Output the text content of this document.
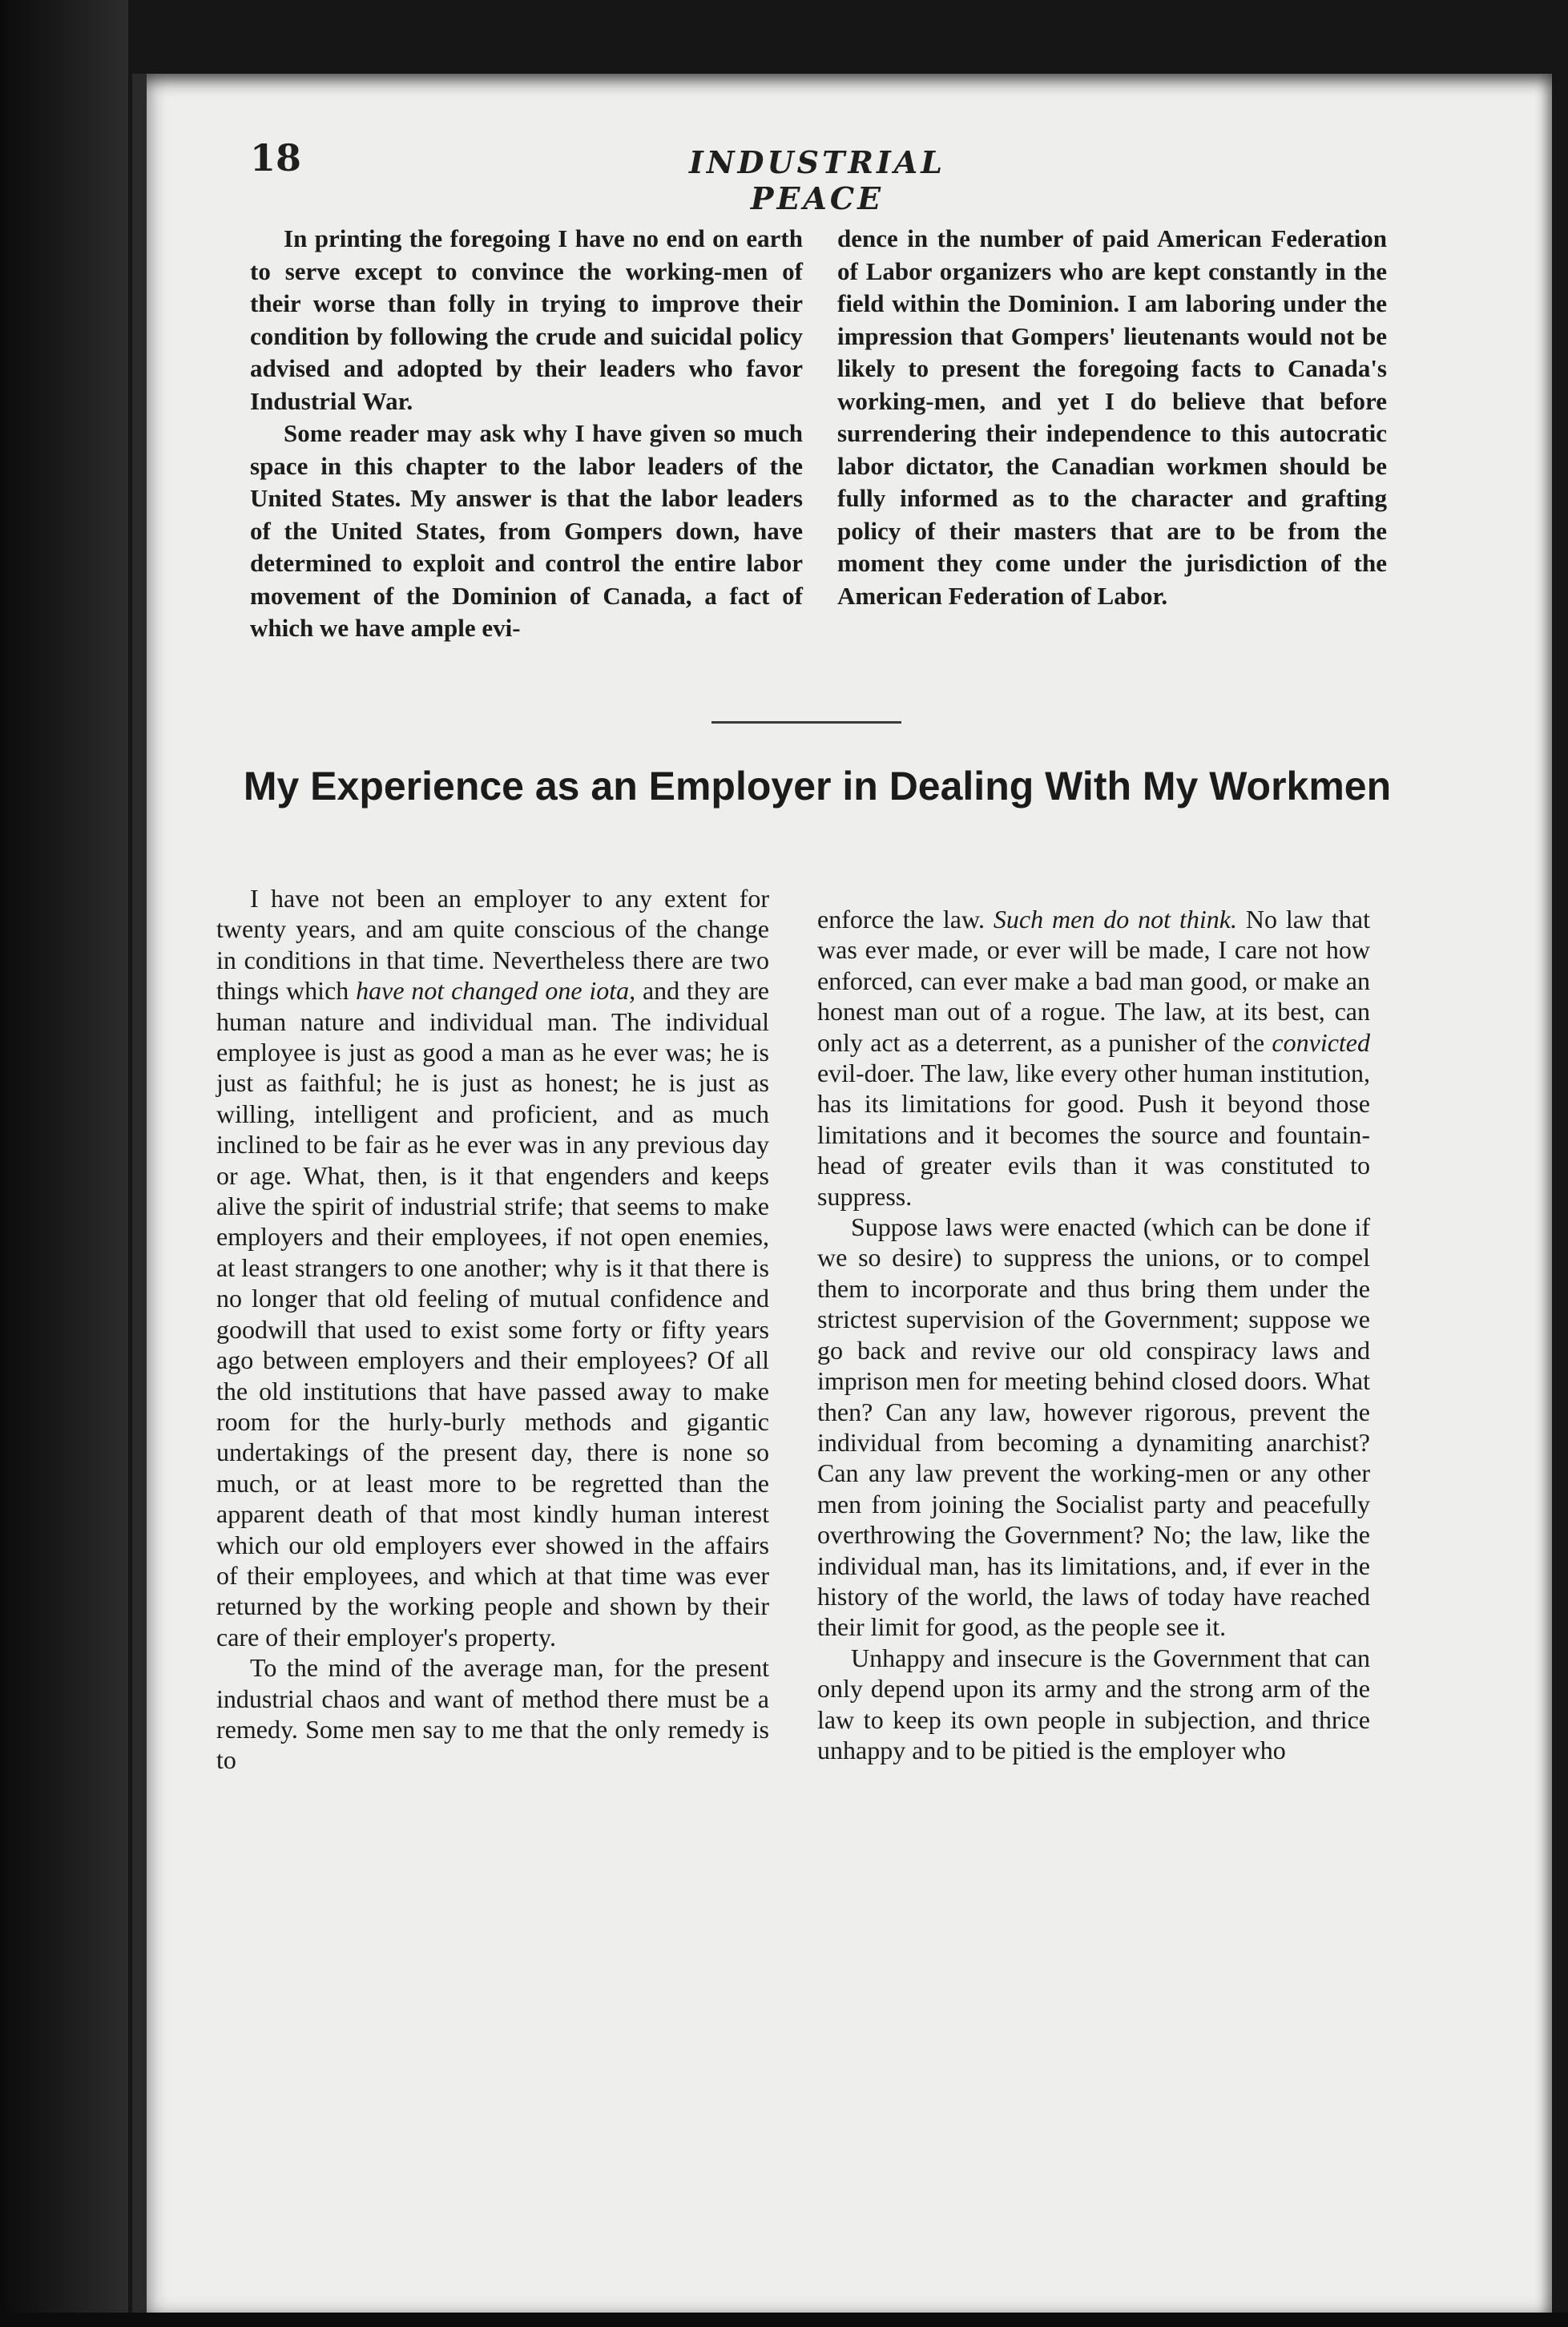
18	INDUSTRIAL PEACE

In printing the foregoing I have no end on earth to serve except to convince the working-men of their worse than folly in trying to improve their condition by following the crude and suicidal policy advised and adopted by their leaders who favor Industrial War.

Some reader may ask why I have given so much space in this chapter to the labor leaders of the United States. My answer is that the labor leaders of the United States, from Gompers down, have determined to exploit and control the entire labor movement of the Dominion of Canada, a fact of which we have ample evi-

dence in the number of paid American Federation of Labor organizers who are kept constantly in the field within the Dominion. I am laboring under the impression that Gompers' lieutenants would not be likely to present the foregoing facts to Canada's working-men, and yet I do believe that before surrendering their independence to this autocratic labor dictator, the Canadian workmen should be fully informed as to the character and grafting policy of their masters that are to be from the moment they come under the jurisdiction of the American Federation of Labor.

My Experience as an Employer in Dealing With My Workmen

I have not been an employer to any extent for twenty years, and am quite conscious of the change in conditions in that time. Nevertheless there are two things which have not changed one iota, and they are human nature and individual man. The individual employee is just as good a man as he ever was; he is just as faithful; he is just as honest; he is just as willing, intelligent and proficient, and as much inclined to be fair as he ever was in any previous day or age. What, then, is it that engenders and keeps alive the spirit of industrial strife; that seems to make employers and their employees, if not open enemies, at least strangers to one another; why is it that there is no longer that old feeling of mutual confidence and goodwill that used to exist some forty or fifty years ago between employers and their employees? Of all the old institutions that have passed away to make room for the hurly-burly methods and gigantic undertakings of the present day, there is none so much, or at least more to be regretted than the apparent death of that most kindly human interest which our old employers ever showed in the affairs of their employees, and which at that time was ever returned by the working people and shown by their care of their employer's property.

To the mind of the average man, for the present industrial chaos and want of method there must be a remedy. Some men say to me that the only remedy is to

enforce the law. Such men do not think. No law that was ever made, or ever will be made, I care not how enforced, can ever make a bad man good, or make an honest man out of a rogue. The law, at its best, can only act as a deterrent, as a punisher of the convicted evil-doer. The law, like every other human institution, has its limitations for good. Push it beyond those limitations and it becomes the source and fountain-head of greater evils than it was constituted to suppress.

Suppose laws were enacted (which can be done if we so desire) to suppress the unions, or to compel them to incorporate and thus bring them under the strictest supervision of the Government; suppose we go back and revive our old conspiracy laws and imprison men for meeting behind closed doors. What then? Can any law, however rigorous, prevent the individual from becoming a dynamiting anarchist? Can any law prevent the working-men or any other men from joining the Socialist party and peacefully overthrowing the Government? No; the law, like the individual man, has its limitations, and, if ever in the history of the world, the laws of today have reached their limit for good, as the people see it.

Unhappy and insecure is the Government that can only depend upon its army and the strong arm of the law to keep its own people in subjection, and thrice unhappy and to be pitied is the employer who
